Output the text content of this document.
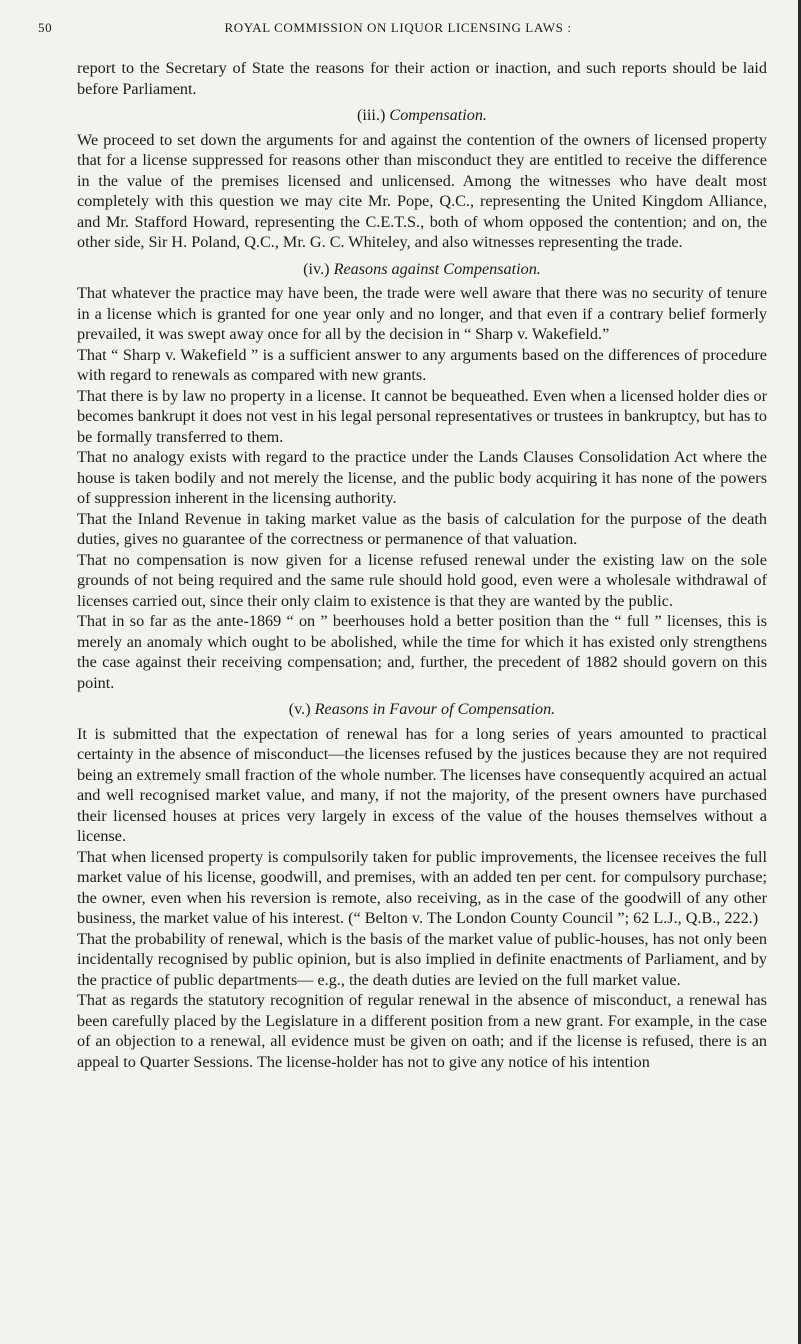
50	ROYAL COMMISSION ON LIQUOR LICENSING LAWS :

report to the Secretary of State the reasons for their action or inaction, and such reports should be laid before Parliament.

(iii.) Compensation.

We proceed to set down the arguments for and against the contention of the owners of licensed property that for a license suppressed for reasons other than misconduct they are entitled to receive the difference in the value of the premises licensed and unlicensed. Among the witnesses who have dealt most completely with this question we may cite Mr. Pope, Q.C., representing the United Kingdom Alliance, and Mr. Stafford Howard, representing the C.E.T.S., both of whom opposed the contention; and on, the other side, Sir H. Poland, Q.C., Mr. G. C. Whiteley, and also witnesses representing the trade.

(iv.) Reasons against Compensation.

That whatever the practice may have been, the trade were well aware that there was no security of tenure in a license which is granted for one year only and no longer, and that even if a contrary belief formerly prevailed, it was swept away once for all by the decision in “ Sharp v. Wakefield.”

That “ Sharp v. Wakefield ” is a sufficient answer to any arguments based on the differences of procedure with regard to renewals as compared with new grants.

That there is by law no property in a license. It cannot be bequeathed. Even when a licensed holder dies or becomes bankrupt it does not vest in his legal personal representatives or trustees in bankruptcy, but has to be formally transferred to them.

That no analogy exists with regard to the practice under the Lands Clauses Consolidation Act where the house is taken bodily and not merely the license, and the public body acquiring it has none of the powers of suppression inherent in the licensing authority.

That the Inland Revenue in taking market value as the basis of calculation for the purpose of the death duties, gives no guarantee of the correctness or permanence of that valuation.

That no compensation is now given for a license refused renewal under the existing law on the sole grounds of not being required and the same rule should hold good, even were a wholesale withdrawal of licenses carried out, since their only claim to existence is that they are wanted by the public.

That in so far as the ante-1869 “ on ” beerhouses hold a better position than the “ full ” licenses, this is merely an anomaly which ought to be abolished, while the time for which it has existed only strengthens the case against their receiving compensation; and, further, the precedent of 1882 should govern on this point.

(v.) Reasons in Favour of Compensation.

It is submitted that the expectation of renewal has for a long series of years amounted to practical certainty in the absence of misconduct—the licenses refused by the justices because they are not required being an extremely small fraction of the whole number. The licenses have consequently acquired an actual and well recognised market value, and many, if not the majority, of the present owners have purchased their licensed houses at prices very largely in excess of the value of the houses themselves without a license.

That when licensed property is compulsorily taken for public improvements, the licensee receives the full market value of his license, goodwill, and premises, with an added ten per cent. for compulsory purchase; the owner, even when his reversion is remote, also receiving, as in the case of the goodwill of any other business, the market value of his interest. (“ Belton v. The London County Council ”; 62 L.J., Q.B., 222.)

That the probability of renewal, which is the basis of the market value of public-houses, has not only been incidentally recognised by public opinion, but is also implied in definite enactments of Parliament, and by the practice of public departments— e.g., the death duties are levied on the full market value.

That as regards the statutory recognition of regular renewal in the absence of misconduct, a renewal has been carefully placed by the Legislature in a different position from a new grant. For example, in the case of an objection to a renewal, all evidence must be given on oath; and if the license is refused, there is an appeal to Quarter Sessions. The license-holder has not to give any notice of his intention
